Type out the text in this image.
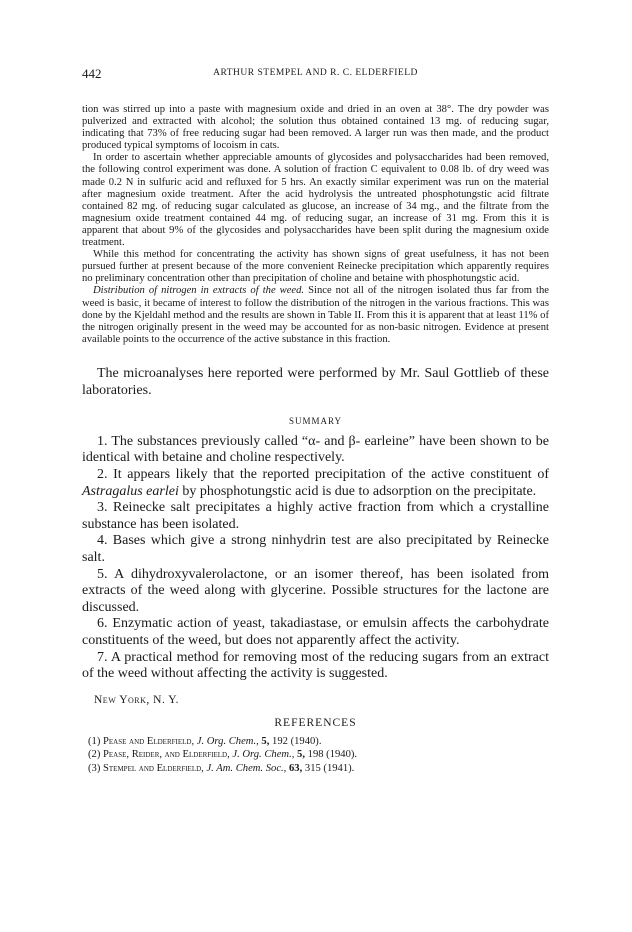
442	ARTHUR STEMPEL AND R. C. ELDERFIELD

tion was stirred up into a paste with magnesium oxide and dried in an oven at 38°. The dry powder was pulverized and extracted with alcohol; the solution thus obtained contained 13 mg. of reducing sugar, indicating that 73% of free reducing sugar had been removed. A larger run was then made, and the product produced typical symptoms of locoism in cats.

In order to ascertain whether appreciable amounts of glycosides and polysaccharides had been removed, the following control experiment was done. A solution of fraction C equivalent to 0.08 lb. of dry weed was made 0.2 N in sulfuric acid and refluxed for 5 hrs. An exactly similar experiment was run on the material after magnesium oxide treatment. After the acid hydrolysis the untreated phosphotungstic acid filtrate contained 82 mg. of reducing sugar calculated as glucose, an increase of 34 mg., and the filtrate from the magnesium oxide treatment contained 44 mg. of reducing sugar, an increase of 31 mg. From this it is apparent that about 9% of the glycosides and polysaccharides have been split during the magnesium oxide treatment.

While this method for concentrating the activity has shown signs of great usefulness, it has not been pursued further at present because of the more convenient Reinecke precipitation which apparently requires no preliminary concentration other than precipitation of choline and betaine with phosphotungstic acid.

Distribution of nitrogen in extracts of the weed. Since not all of the nitrogen isolated thus far from the weed is basic, it became of interest to follow the distribution of the nitrogen in the various fractions. This was done by the Kjeldahl method and the results are shown in Table II. From this it is apparent that at least 11% of the nitrogen originally present in the weed may be accounted for as non-basic nitrogen. Evidence at present available points to the occurrence of the active substance in this fraction.

The microanalyses here reported were performed by Mr. Saul Gottlieb of these laboratories.

SUMMARY

1. The substances previously called “α- and β- earleine” have been shown to be identical with betaine and choline respectively.

2. It appears likely that the reported precipitation of the active constituent of Astragalus earlei by phosphotungstic acid is due to adsorption on the precipitate.

3. Reinecke salt precipitates a highly active fraction from which a crystalline substance has been isolated.

4. Bases which give a strong ninhydrin test are also precipitated by Reinecke salt.

5. A dihydroxyvalerolactone, or an isomer thereof, has been isolated from extracts of the weed along with glycerine. Possible structures for the lactone are discussed.

6. Enzymatic action of yeast, takadiastase, or emulsin affects the carbohydrate constituents of the weed, but does not apparently affect the activity.

7. A practical method for removing most of the reducing sugars from an extract of the weed without affecting the activity is suggested.

New York, N. Y.
REFERENCES
(1) Pease and Elderfield, J. Org. Chem., 5, 192 (1940).
(2) Pease, Reider, and Elderfield, J. Org. Chem., 5, 198 (1940).
(3) Stempel and Elderfield, J. Am. Chem. Soc., 63, 315 (1941).
